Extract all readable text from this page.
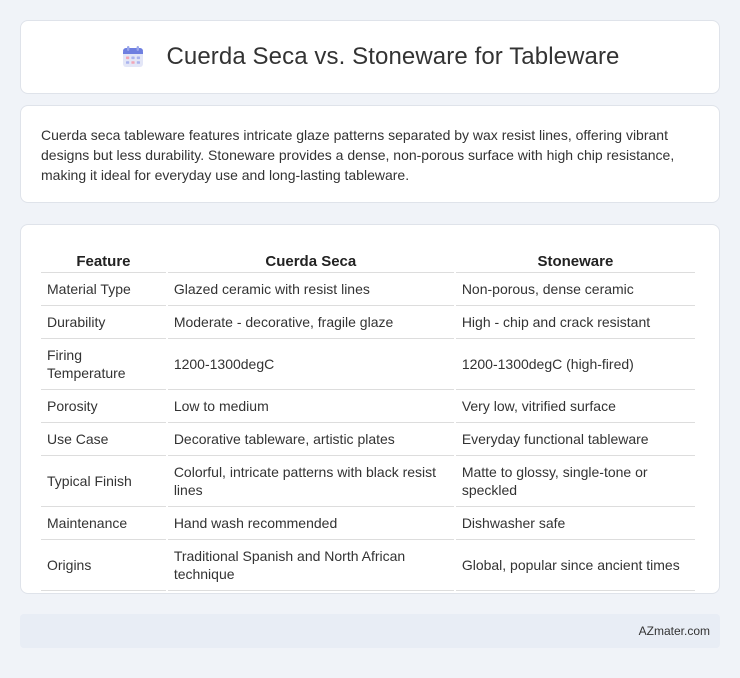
Cuerda Seca vs. Stoneware for Tableware

Cuerda seca tableware features intricate glaze patterns separated by wax resist lines, offering vibrant designs but less durability. Stoneware provides a dense, non-porous surface with high chip resistance, making it ideal for everyday use and long-lasting tableware.

Feature	Cuerda Seca	Stoneware
Material Type	Glazed ceramic with resist lines	Non-porous, dense ceramic
Durability	Moderate - decorative, fragile glaze	High - chip and crack resistant
Firing Temperature	1200-1300degC	1200-1300degC (high-fired)
Porosity	Low to medium	Very low, vitrified surface
Use Case	Decorative tableware, artistic plates	Everyday functional tableware
Typical Finish	Colorful, intricate patterns with black resist lines	Matte to glossy, single-tone or speckled
Maintenance	Hand wash recommended	Dishwasher safe
Origins	Traditional Spanish and North African technique	Global, popular since ancient times
AZmater.com
